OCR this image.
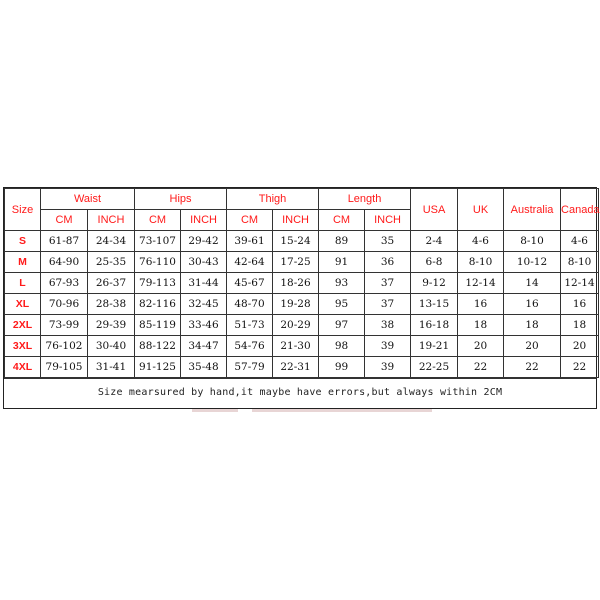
Size	Waist		Hips		Thigh		Length		USA	UK	Australia	Canada
	CM	INCH	CM	INCH	CM	INCH	CM	INCH				
S	61-87	24-34	73-107	29-42	39-61	15-24	89	35	2-4	4-6	8-10	4-6
M	64-90	25-35	76-110	30-43	42-64	17-25	91	36	6-8	8-10	10-12	8-10
L	67-93	26-37	79-113	31-44	45-67	18-26	93	37	9-12	12-14	14	12-14
XL	70-96	28-38	82-116	32-45	48-70	19-28	95	37	13-15	16	16	16
2XL	73-99	29-39	85-119	33-46	51-73	20-29	97	38	16-18	18	18	18
3XL	76-102	30-40	88-122	34-47	54-76	21-30	98	39	19-21	20	20	20
4XL	79-105	31-41	91-125	35-48	57-79	22-31	99	39	22-25	22	22	22
Size mearsured by hand,it maybe have errors,but always within 2CM
